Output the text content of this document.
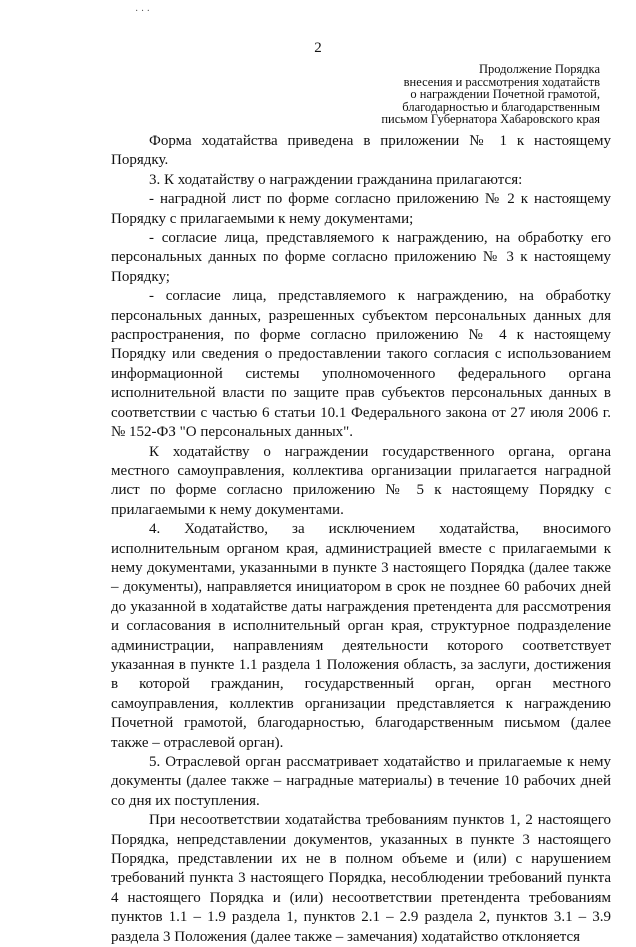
· · ·
2
Продолжение Порядка
внесения и рассмотрения ходатайств
о награждении Почетной грамотой,
благодарностью и благодарственным
письмом Губернатора Хабаровского края

Форма ходатайства приведена в приложении № 1 к настоящему Порядку.

3. К ходатайству о награждении гражданина прилагаются:

- наградной лист по форме согласно приложению № 2 к настоящему Порядку с прилагаемыми к нему документами;

- согласие лица, представляемого к награждению, на обработку его персональных данных по форме согласно приложению № 3 к настоящему Порядку;

- согласие лица, представляемого к награждению, на обработку персональных данных, разрешенных субъектом персональных данных для распространения, по форме согласно приложению № 4 к настоящему Порядку или сведения о предоставлении такого согласия с использованием информационной системы уполномоченного федерального органа исполнительной власти по защите прав субъектов персональных данных в соответствии с частью 6 статьи 10.1 Федерального закона от 27 июля 2006 г. № 152-ФЗ "О персональных данных".

К ходатайству о награждении государственного органа, органа местного самоуправления, коллектива организации прилагается наградной лист по форме согласно приложению № 5 к настоящему Порядку с прилагаемыми к нему документами.

4. Ходатайство, за исключением ходатайства, вносимого исполнительным органом края, администрацией вместе с прилагаемыми к нему документами, указанными в пункте 3 настоящего Порядка (далее также – документы), направляется инициатором в срок не позднее 60 рабочих дней до указанной в ходатайстве даты награждения претендента для рассмотрения и согласования в исполнительный орган края, структурное подразделение администрации, направлениям деятельности которого соответствует указанная в пункте 1.1 раздела 1 Положения область, за заслуги, достижения в которой гражданин, государственный орган, орган местного самоуправления, коллектив организации представляется к награждению Почетной грамотой, благодарностью, благодарственным письмом (далее также – отраслевой орган).

5. Отраслевой орган рассматривает ходатайство и прилагаемые к нему документы (далее также – наградные материалы) в течение 10 рабочих дней со дня их поступления.

При несоответствии ходатайства требованиям пунктов 1, 2 настоящего Порядка, непредставлении документов, указанных в пункте 3 настоящего Порядка, представлении их не в полном объеме и (или) с нарушением требований пункта 3 настоящего Порядка, несоблюдении требований пункта 4 настоящего Порядка и (или) несоответствии претендента требованиям пунктов 1.1 – 1.9 раздела 1, пунктов 2.1 – 2.9 раздела 2, пунктов 3.1 – 3.9 раздела 3 Положения (далее также – замечания) ходатайство отклоняется
